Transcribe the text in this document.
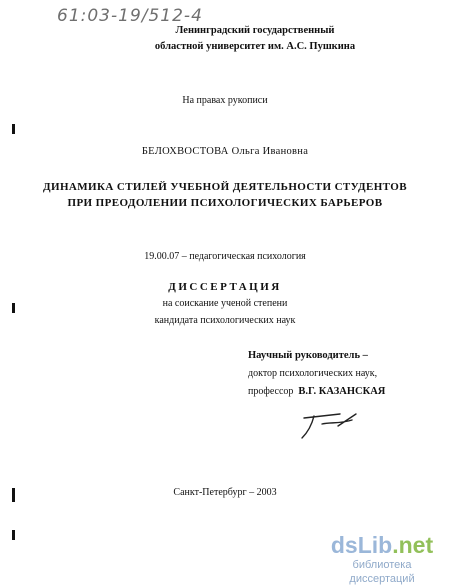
61:03-19/512-4
Ленинградский государственный
областной университет им. А.С. Пушкина
На правах рукописи
БЕЛОХВОСТОВА Ольга Ивановна
ДИНАМИКА СТИЛЕЙ УЧЕБНОЙ ДЕЯТЕЛЬНОСТИ СТУДЕНТОВ
ПРИ ПРЕОДОЛЕНИИ ПСИХОЛОГИЧЕСКИХ БАРЬЕРОВ
19.00.07 – педагогическая психология
ДИССЕРТАЦИЯ
на соискание ученой степени
кандидата психологических наук
Научный руководитель –
доктор психологических наук,
профессор В.Г. КАЗАНСКАЯ
Санкт-Петербург – 2003
dsLib.net
библиотека диссертаций
